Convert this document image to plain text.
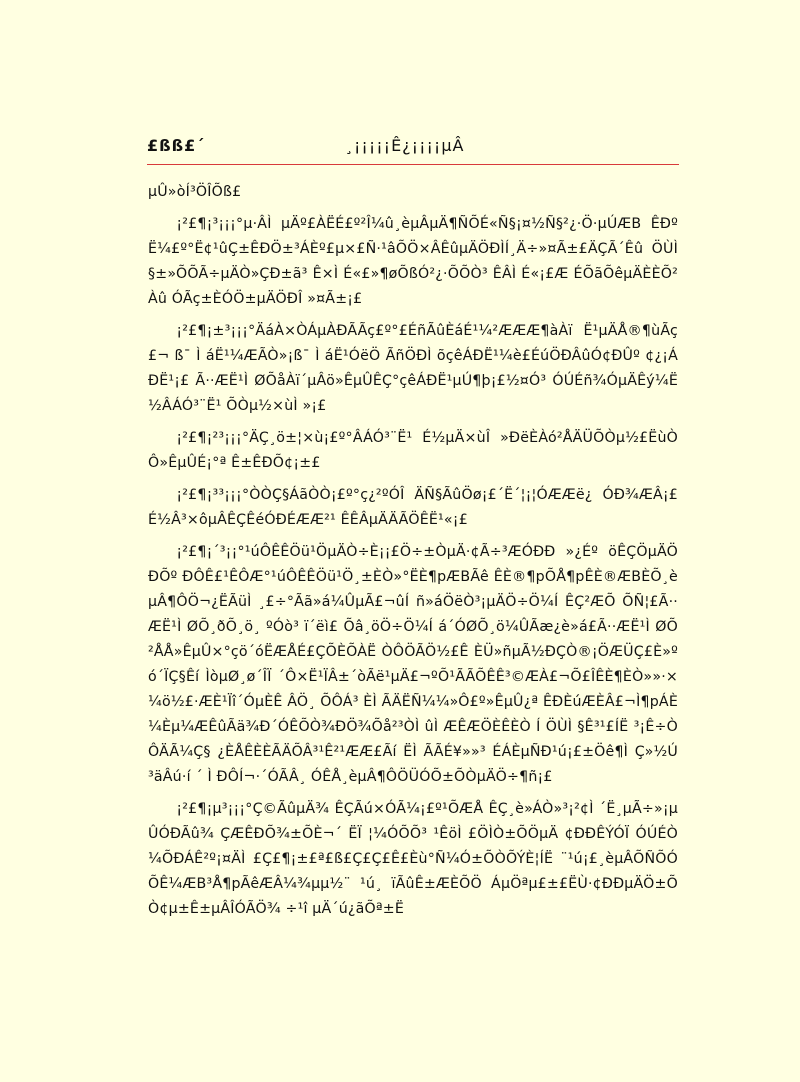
£ßß£´	¸¡¡¡¡¡Ê¿¡¡¡¡µÂ

µÛ»òÍ³ÖÎÕß£

¡²£¶¡³¡¡¡°µ·ÂÌ µÄº£ÀËÉ£º²Î¼û¸èµÂµÄ¶ÑÕÉ«Ñ§¡¤½Ñ§²¿·Ö·µÚÆB ÊÐº Ë¼£º°Ë¢¹ûÇ±ÊÐÖ±³ÁÈº£µ×£Ñ·¹âÕÖ×ÂÊûµÄÖÐÌÍ¸Ä÷»¤Ã±£ÄÇÃ´Êû ÖÙÌ§±»ÕÕÃ÷µÄÒ»ÇÐ±ã³ Ê×Ì É«£»¶øÕßÓ²¿·ÕÕÒ³ ÊÂÌ É«¡£Æ ÉÕãÕêµÄÈÈÕ²Àû ÓÃç±ÈÓÖ±µÄÖÐÎ »¤Ã±¡£

¡²£¶¡±³¡¡¡°ÄáÀ×ÒÁµÀÐÃÃç£º°£ÉñÃûÈáÉ¹¼²ÆÆÆ¶àÀï Ë¹µÄÅ®¶ùÃç£¬ ß¯ Ì áË¹¼ÆÃÒ»¡ß¯ Ì áË¹ÓëÖ ÃñÖÐÌ õçêÁÐË¹¼è£ÉúÖÐÂûÓ¢ÐÛº ¢¿¡ÁÐË¹¡£ Ã··ÆË¹Ì ØÕåÀï´µÂö»ÊµÛÊÇ°çêÁÐË¹µÚ¶þ¡£½¤Ó³ ÓÚÉñ¾ÓµÄÊý¼Ë½ÂÁÓ³¨Ë¹ ÕÒµ½×ùÌ »¡£

¡²£¶¡²³¡¡¡°ÄÇ¸ö±¦×ù¡£º°ÂÁÓ³¨Ë¹ É½µÄ×ùÎ »ÐëÈÀó²ÅÄÜÕÒµ½£ËùÒÔ»ÊµÛÉ¡°ª Ê±ÊÐÕ¢¡±£

¡²£¶¡³³¡¡¡°ÒÒÇ§ÁãÒÒ¡£º°ç¿²ºÓÎ ÄÑ§ÃûÖø¡£´Ë´¦¡¦ÓÆÆë¿ ÓÐ¾ÆÂ¡£ É½Â³×ôµÂÊÇÊéÓÐÉÆÆ²¹ ÊÊÂµÄÄÃÖÊË¹«¡£

¡²£¶¡´³¡¡°¹úÔÊÊÖü¹ÖµÄÒ÷È¡¡£Ö÷±ÒµÄ·¢Ã÷³ÆÓÐÐ »¿Éº öÊÇÖµÄÖÐÕº ÐÔÊ£¹ÊÔÆ°¹úÔÊÊÖü¹Ö¸±ÈÒ»°ËÈ¶pÆBÃê ÊÈ®¶pÕÅ¶pÊÈ®ÆBÈÕ¸èµÂ¶ÔÖ¬¿ËÃüÌ ¸£÷°Ãã»á¼ÛµÃ£¬ûÍ ñ»áÖëÒ³¡µÄÖ÷Ö¼Í ÊÇ²ÆÕ ÕÑ¦£Ã··ÆË¹Ì ØÕ¸ðÕ¸ö¸ ºÓò³ ï´ëì£ Õâ¸öÖ÷Ö¼Í á´ÓØÕ¸ö¼ÛÃæ¿è»á£Ã··ÆË¹Ì ØÕ²ÅÅ»ÊµÛ×°çö´óËÆÅÉ£ÇÕÈÕÀË ÒÔÖÃÖ½£Ê ÈÜ»ñµÃ½ÐÇÒ®¡ÖÆÜÇ£È»ºó´ÏÇ§Êí ÌòµØ¸ø´ÎÏ ´Ô×Ë¹ÏÂ±´òÃë¹µÄ£¬ºÕ¹ÃÃÕÊÊ³©ÆÀ£¬Õ£ÎÊÈ¶ÈÒ»»·×¼ö½£·ÆÈ¹Ïî´ÓµÈÊ ÂÖ¸ ÕÔÁ³ ÈÌ ÃÄËÑ¼¼»Ô£º»ÊµÛ¿ª ÊÐÈúÆÈÂ£¬Ì¶pÁÈ ¼Èµ¼ÆÊûÃä¾Ð´ÓÊÕÒ¾ÐÖ¾Õå²³ÒÌ ûÌ ÆÊÆÖÈÊÈÒ Í ÖÙÌ §Ê³¹£ÍË ³¡Ê÷ÒÔÄÃ¼Ç§ ¿ÈÅÊÈÈÃÄÕÂ³¹Ê²¹ÆÆ£Ãí ËÌ ÃÃÉ¥»»³ ÉÁÈµÑÐ¹ú¡£±Öê¶Ì Ç»½Ú ³äÂú·í ´ Ì ÐÔÍ¬·´ÓÃÂ¸ ÓÊÅ¸èµÂ¶ÔÖÜÓÕ±ÕÒµÄÖ÷¶ñ¡£

¡²£¶¡µ³¡¡¡°Ç©ÃûµÄ¾ ÊÇÃú×ÓÃ¼¡£º¹ÕÆÅ ÊÇ¸è»ÁÒ»³¡²¢Ì ´Ë¸µÃ÷»¡µÛÓÐÃû¾ ÇÆÊÐÕ¾±ÕÈ¬´ ËÏ ¦¼ÓÕÕ³ ¹ÊöÌ £ÖÌÒ±ÕÖµÄ ¢ÐÐÊÝÓÏ ÓÚÉÒ¼ÕÐÁÊ²º¡¤ÄÌ £Ç£¶¡±£ª£ß£Ç£Ç£Ê£Èù°Ñ¼Ó±ÕÒÕÝÈ¦ÍË ¨¹ú¡£¸èµÂÕÑÕÓÕÊ¼ÆB³Å¶pÃêÆÂ¼¾µµ½¨ ¹ú¸ ïÃûÊ±ÆÈÕÖ ÁµÖªµ£±£ËÙ·¢ÐÐµÄÖ±ÕÒ¢µ±Ê±µÂÎÓÃÖ¾ ÷¹î µÄ´ú¿ãÕª±Ë
